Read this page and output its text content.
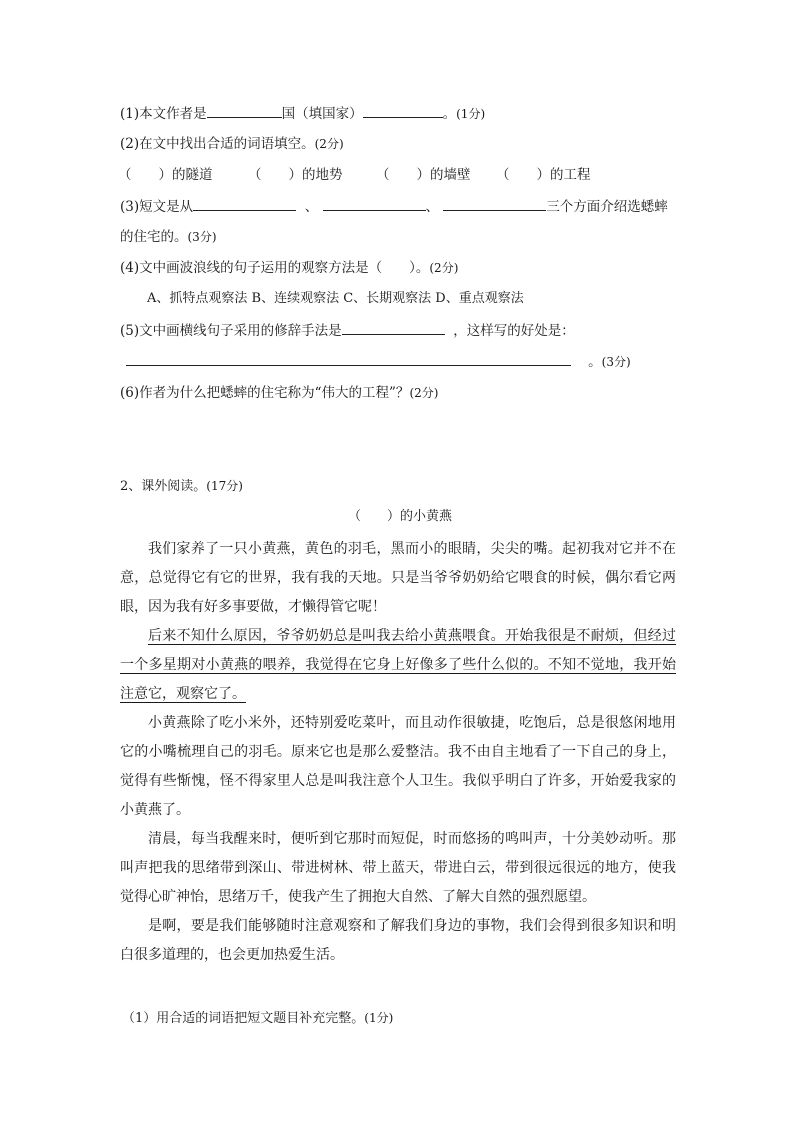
(1)本文作者是	国（填国家）	。(1分)
(2)在文中找出合适的词语填空。(2分)
（　　）的隧道	（　　）的地势 （　　）的墙壁 （　　）的工程
(3)短文是从	、	、	三个方面介绍选蟋蟀
的住宅的。(3分)
(4)文中画波浪线的句子运用的观察方法是（　　）。(2分)
A、抓特点观察法 B、连续观察法 C、长期观察法 D、重点观察法
(5)文中画横线句子采用的修辞手法是	，这样写的好处是：
。(3分)
(6)作者为什么把蟋蟀的住宅称为“伟大的工程”？(2分)
2、课外阅读。(17分)
（　　）的小黄燕

我们家养了一只小黄燕，黄色的羽毛，黑而小的眼睛，尖尖的嘴。起初我对它并不在意，总觉得它有它的世界，我有我的天地。只是当爷爷奶奶给它喂食的时候，偶尔看它两眼，因为我有好多事要做，才懒得管它呢！

后来不知什么原因，爷爷奶奶总是叫我去给小黄燕喂食。开始我很是不耐烦，但经过一个多星期对小黄燕的喂养，我觉得在它身上好像多了些什么似的。不知不觉地，我开始注意它，观察它了。

小黄燕除了吃小米外，还特别爱吃菜叶，而且动作很敏捷，吃饱后，总是很悠闲地用它的小嘴梳理自己的羽毛。原来它也是那么爱整洁。我不由自主地看了一下自己的身上，觉得有些惭愧，怪不得家里人总是叫我注意个人卫生。我似乎明白了许多，开始爱我家的小黄燕了。

清晨，每当我醒来时，便听到它那时而短促，时而悠扬的鸣叫声，十分美妙动听。那叫声把我的思绪带到深山、带进树林、带上蓝天，带进白云，带到很远很远的地方，使我觉得心旷神怡，思绪万千，使我产生了拥抱大自然、了解大自然的强烈愿望。

是啊，要是我们能够随时注意观察和了解我们身边的事物，我们会得到很多知识和明白很多道理的，也会更加热爱生活。

（1）用合适的词语把短文题目补充完整。(1分)
